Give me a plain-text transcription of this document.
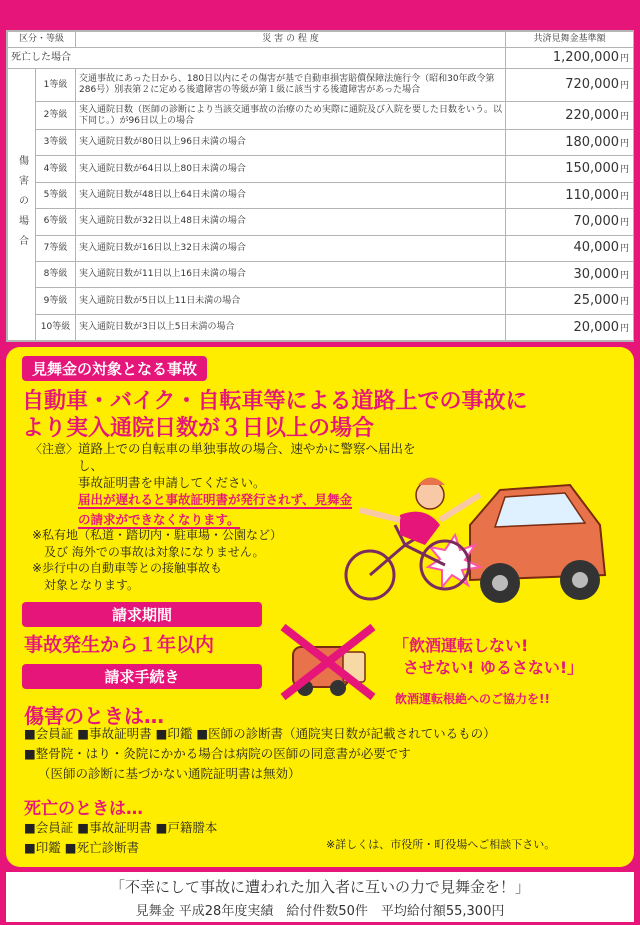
区分・等級		災 害 の 程 度	共済見舞金基準額
死亡した場合			1,200,000円
傷害の場合	1等級	交通事故にあった日から、180日以内にその傷害が基で自動車損害賠償保障法施行令（昭和30年政令第286号）別表第２に定める後遺障害の等級が第１級に該当する後遺障害があった場合	720,000円
	2等級	実入通院日数（医師の診断により当該交通事故の治療のため実際に通院及び入院を要した日数をいう。以下同じ。）が96日以上の場合	220,000円
	3等級	実入通院日数が80日以上96日未満の場合	180,000円
	4等級	実入通院日数が64日以上80日未満の場合	150,000円
	5等級	実入通院日数が48日以上64日未満の場合	110,000円
	6等級	実入通院日数が32日以上48日未満の場合	70,000円
	7等級	実入通院日数が16日以上32日未満の場合	40,000円
	8等級	実入通院日数が11日以上16日未満の場合	30,000円
	9等級	実入通院日数が5日以上11日未満の場合	25,000円
	10等級	実入通院日数が3日以上5日未満の場合	20,000円
見舞金の対象となる事故
自動車・バイク・自転車等による道路上での事故に
より実入通院日数が３日以上の場合
〈注意〉 道路上での自転車の単独事故の場合、速やかに警察へ届出をし、
事故証明書を申請してください。
届出が遅れると事故証明書が発行されず、見舞金
の請求ができなくなります。
※私有地（私道・踏切内・駐車場・公園など）
及び 海外での事故は対象になりません。
※歩行中の自動車等との接触事故も
対象となります。
請求期間
事故発生から１年以内
請求手続き
「飲酒運転しない!
させない! ゆるさない!」
飲酒運転根絶へのご協力を!!
傷害のときは…
■会員証 ■事故証明書 ■印鑑 ■医師の診断書（通院実日数が記載されているもの）
■整骨院・はり・灸院にかかる場合は病院の医師の同意書が必要です
（医師の診断に基づかない通院証明書は無効）
死亡のときは…
■会員証 ■事故証明書 ■戸籍謄本
■印鑑 ■死亡診断書	※詳しくは、市役所・町役場へご相談下さい。
「不幸にして事故に遭われた加入者に互いの力で見舞金を！」
見舞金 平成28年度実績　給付件数50件　平均給付額55,300円
